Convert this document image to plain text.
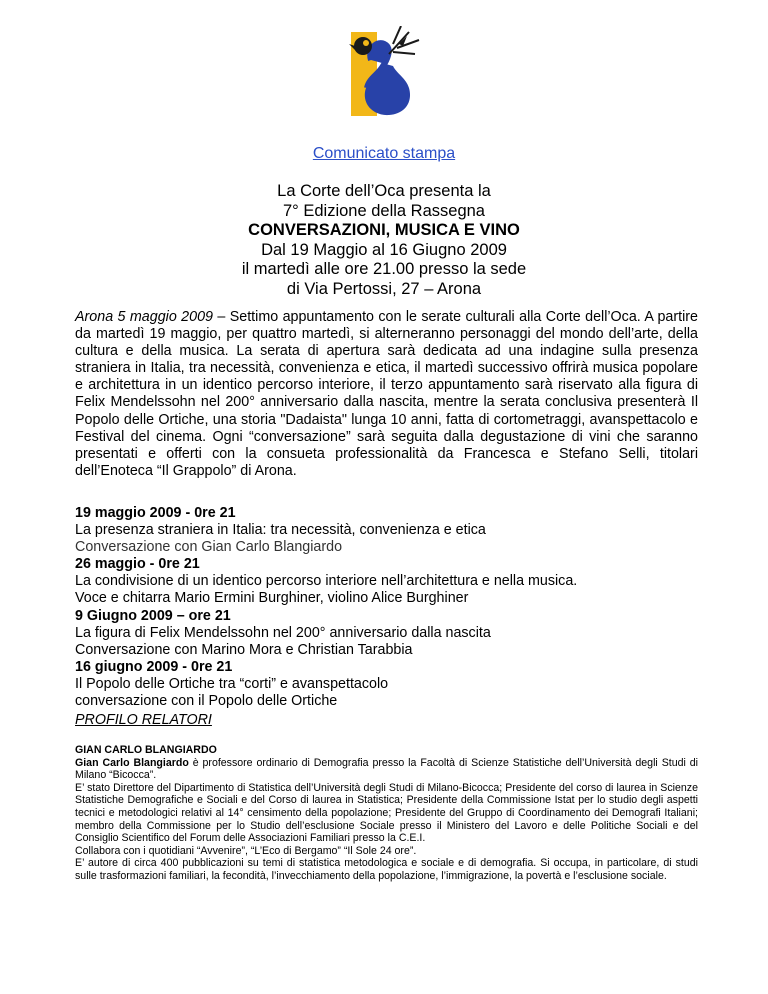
Comunicato stampa
La Corte dell’Oca presenta la
7° Edizione della Rassegna
CONVERSAZIONI, MUSICA E VINO
Dal 19 Maggio al 16 Giugno 2009
il martedì alle ore 21.00 presso la sede
di Via Pertossi, 27 – Arona
Arona 5 maggio 2009 – Settimo appuntamento con le serate culturali alla Corte dell’Oca. A partire da martedì 19 maggio, per quattro martedì, si alterneranno personaggi del mondo dell’arte, della cultura e della musica. La serata di apertura sarà dedicata ad una indagine sulla presenza straniera in Italia, tra necessità, convenienza e etica, il martedì successivo offrirà musica popolare e architettura in un identico percorso interiore, il terzo appuntamento sarà riservato alla figura di Felix Mendelssohn nel 200° anniversario dalla nascita, mentre la serata conclusiva presenterà Il Popolo delle Ortiche, una storia "Dadaista" lunga 10 anni, fatta di cortometraggi, avanspettacolo e Festival del cinema. Ogni “conversazione” sarà seguita dalla degustazione di vini che saranno presentati e offerti con la consueta professionalità da Francesca e Stefano Selli, titolari dell’Enoteca “Il Grappolo” di Arona.
19 maggio 2009 - 0re 21
La presenza straniera in Italia: tra necessità, convenienza e etica
Conversazione con Gian Carlo Blangiardo
26 maggio - 0re 21
La condivisione di un identico percorso interiore nell’architettura e nella musica.
Voce e chitarra Mario Ermini Burghiner, violino Alice Burghiner
9 Giugno 2009 – ore 21
La figura di Felix Mendelssohn nel 200° anniversario dalla nascita
Conversazione con Marino Mora e Christian Tarabbia
16 giugno 2009 - 0re 21
Il Popolo delle Ortiche tra “corti” e avanspettacolo
conversazione con il Popolo delle Ortiche
PROFILO RELATORI
GIAN CARLO BLANGIARDO
Gian Carlo Blangiardo è professore ordinario di Demografia presso la Facoltà di Scienze Statistiche dell’Università degli Studi di Milano “Bicocca”.
E’ stato Direttore del Dipartimento di Statistica dell’Università degli Studi di Milano-Bicocca; Presidente del corso di laurea in Scienze Statistiche Demografiche e Sociali e del Corso di laurea in Statistica; Presidente della Commissione Istat per lo studio degli aspetti tecnici e metodologici relativi al 14° censimento della popolazione; Presidente del Gruppo di Coordinamento dei Demografi Italiani; membro della Commissione per lo Studio dell’esclusione Sociale presso il Ministero del Lavoro e delle Politiche Sociali e del Consiglio Scientifico del Forum delle Associazioni Familiari presso la C.E.I.
Collabora con i quotidiani “Avvenire”, “L’Eco di Bergamo” “Il Sole 24 ore”.
E’ autore di circa 400 pubblicazioni su temi di statistica metodologica e sociale e di demografia. Si occupa, in particolare, di studi sulle trasformazioni familiari, la fecondità, l’invecchiamento della popolazione, l’immigrazione, la povertà e l’esclusione sociale.
